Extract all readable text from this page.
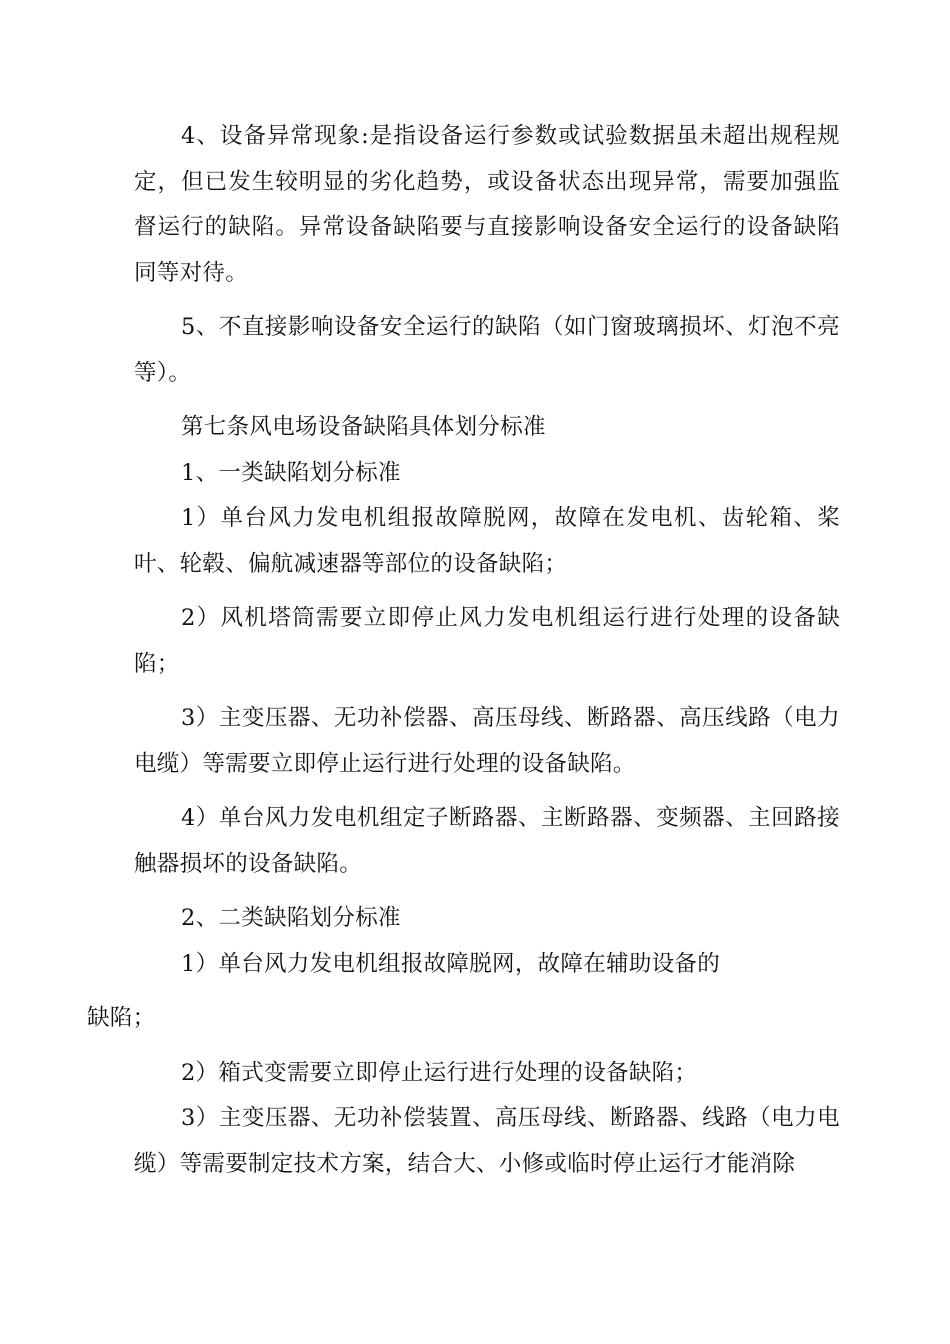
4、设备异常现象:是指设备运行参数或试验数据虽未超出规程规定，但已发生较明显的劣化趋势，或设备状态出现异常，需要加强监督运行的缺陷。异常设备缺陷要与直接影响设备安全运行的设备缺陷同等对待。

5、不直接影响设备安全运行的缺陷（如门窗玻璃损坏、灯泡不亮等）。

第七条风电场设备缺陷具体划分标准

1、一类缺陷划分标准

1）单台风力发电机组报故障脱网，故障在发电机、齿轮箱、桨叶、轮毂、偏航减速器等部位的设备缺陷；

2）风机塔筒需要立即停止风力发电机组运行进行处理的设备缺陷；

3）主变压器、无功补偿器、高压母线、断路器、高压线路（电力电缆）等需要立即停止运行进行处理的设备缺陷。

4）单台风力发电机组定子断路器、主断路器、变频器、主回路接触器损坏的设备缺陷。

2、二类缺陷划分标准

1）单台风力发电机组报故障脱网，故障在辅助设备的
缺陷；

2）箱式变需要立即停止运行进行处理的设备缺陷；

3）主变压器、无功补偿装置、高压母线、断路器、线路（电力电缆）等需要制定技术方案，结合大、小修或临时停止运行才能消除
